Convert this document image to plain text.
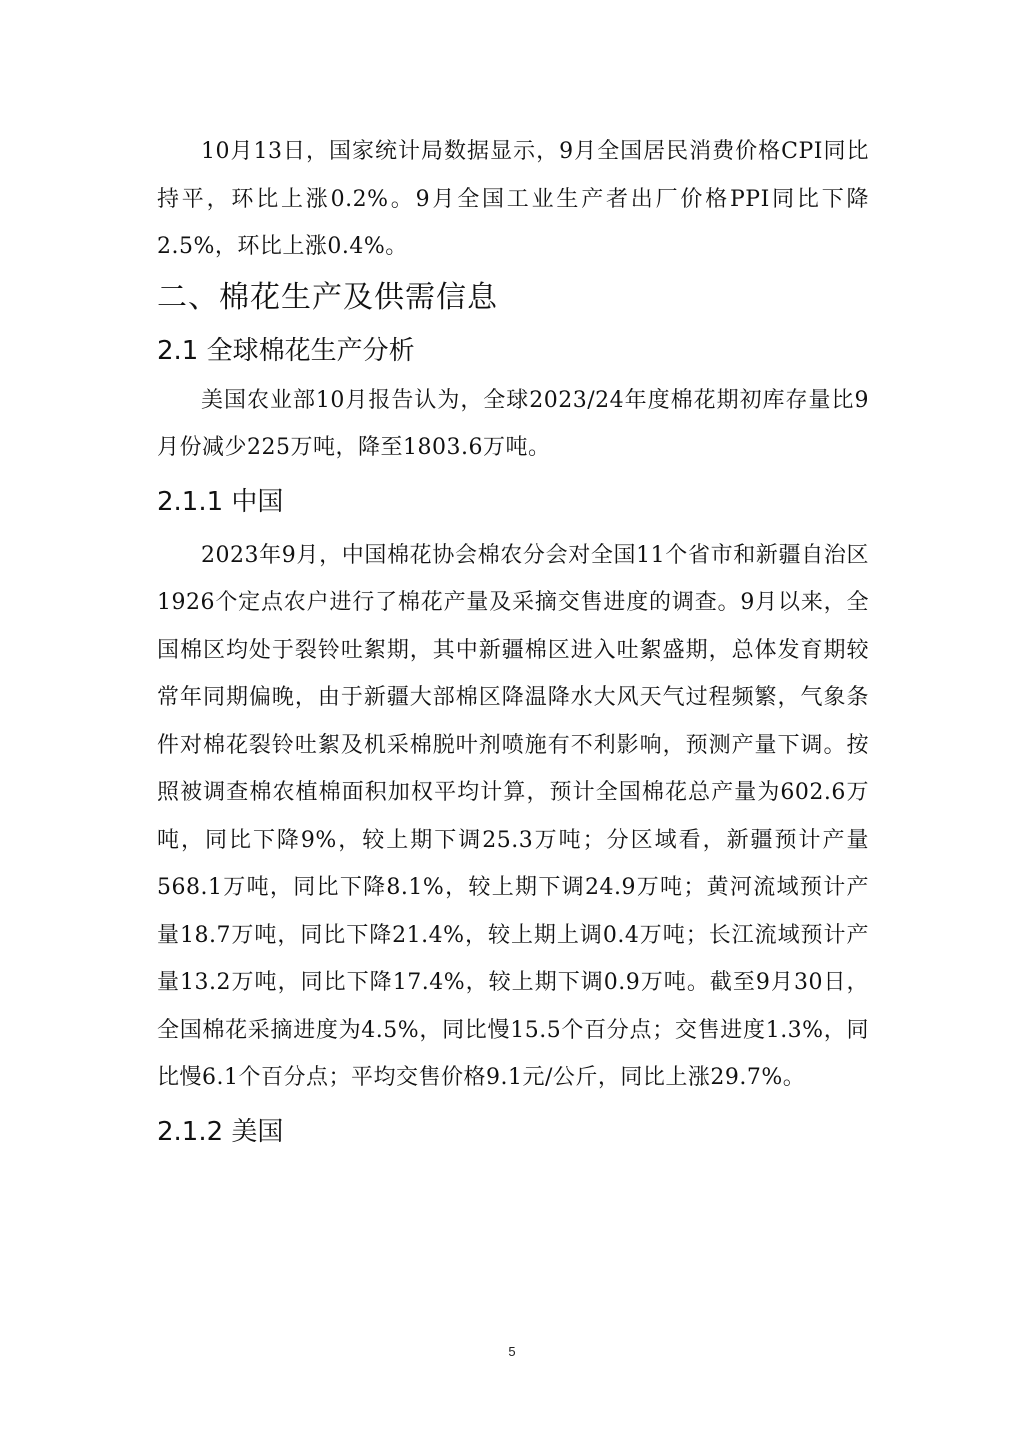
10月13日，国家统计局数据显示，9月全国居民消费价格CPI同比持平，环比上涨0.2%。9月全国工业生产者出厂价格PPI同比下降2.5%，环比上涨0.4%。

二、棉花生产及供需信息
2.1 全球棉花生产分析

美国农业部10月报告认为，全球2023/24年度棉花期初库存量比9月份减少225万吨，降至1803.6万吨。

2.1.1 中国

2023年9月，中国棉花协会棉农分会对全国11个省市和新疆自治区1926个定点农户进行了棉花产量及采摘交售进度的调查。9月以来，全国棉区均处于裂铃吐絮期，其中新疆棉区进入吐絮盛期，总体发育期较常年同期偏晚，由于新疆大部棉区降温降水大风天气过程频繁，气象条件对棉花裂铃吐絮及机采棉脱叶剂喷施有不利影响，预测产量下调。按照被调查棉农植棉面积加权平均计算，预计全国棉花总产量为602.6万吨，同比下降9%，较上期下调25.3万吨；分区域看，新疆预计产量568.1万吨，同比下降8.1%，较上期下调24.9万吨；黄河流域预计产量18.7万吨，同比下降21.4%，较上期上调0.4万吨；长江流域预计产量13.2万吨，同比下降17.4%，较上期下调0.9万吨。截至9月30日，全国棉花采摘进度为4.5%，同比慢15.5个百分点；交售进度1.3%，同比慢6.1个百分点；平均交售价格9.1元/公斤，同比上涨29.7%。

2.1.2 美国
5
